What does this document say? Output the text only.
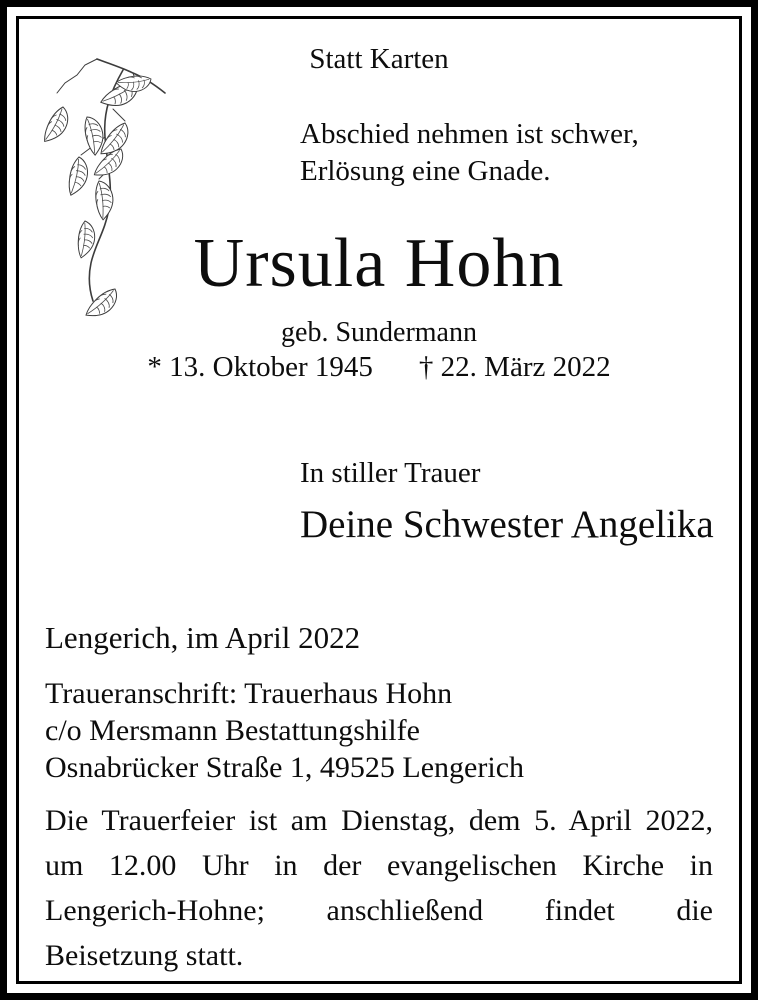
Statt Karten
Abschied nehmen ist schwer,
Erlösung eine Gnade.
Ursula Hohn
geb. Sundermann
* 13. Oktober 1945 † 22. März 2022
In stiller Trauer
Deine Schwester Angelika
Lengerich, im April 2022
Traueranschrift: Trauerhaus Hohn
c/o Mersmann Bestattungshilfe
Osnabrücker Straße 1, 49525 Lengerich
Die Trauerfeier ist am Dienstag, dem 5. April 2022,
um 12.00 Uhr in der evangelischen Kirche in
Lengerich-Hohne; anschließend findet die
Beisetzung statt.
